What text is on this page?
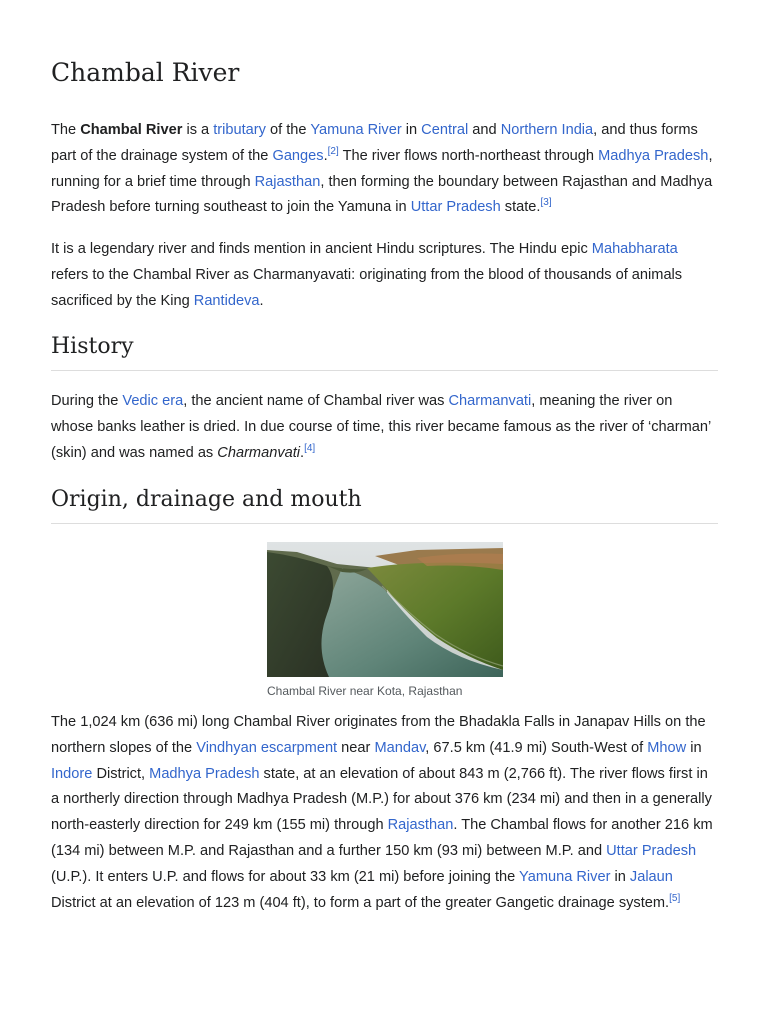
Chambal River

The Chambal River is a tributary of the Yamuna River in Central and Northern India, and thus forms part of the drainage system of the Ganges.[2] The river flows north-northeast through Madhya Pradesh, running for a brief time through Rajasthan, then forming the boundary between Rajasthan and Madhya Pradesh before turning southeast to join the Yamuna in Uttar Pradesh state.[3]

It is a legendary river and finds mention in ancient Hindu scriptures. The Hindu epic Mahabharata refers to the Chambal River as Charmanyavati: originating from the blood of thousands of animals sacrificed by the King Rantideva.

History

During the Vedic era, the ancient name of Chambal river was Charmanvati, meaning the river on whose banks leather is dried. In due course of time, this river became famous as the river of ‘charman’ (skin) and was named as Charmanvati.[4]

Origin, drainage and mouth
Chambal River near Kota, Rajasthan

The 1,024 km (636 mi) long Chambal River originates from the Bhadakla Falls in Janapav Hills on the northern slopes of the Vindhyan escarpment near Mandav, 67.5 km (41.9 mi) South-West of Mhow in Indore District, Madhya Pradesh state, at an elevation of about 843 m (2,766 ft). The river flows first in a northerly direction through Madhya Pradesh (M.P.) for about 376 km (234 mi) and then in a generally north-easterly direction for 249 km (155 mi) through Rajasthan. The Chambal flows for another 216 km (134 mi) between M.P. and Rajasthan and a further 150 km (93 mi) between M.P. and Uttar Pradesh (U.P.). It enters U.P. and flows for about 33 km (21 mi) before joining the Yamuna River in Jalaun District at an elevation of 123 m (404 ft), to form a part of the greater Gangetic drainage system.[5]
